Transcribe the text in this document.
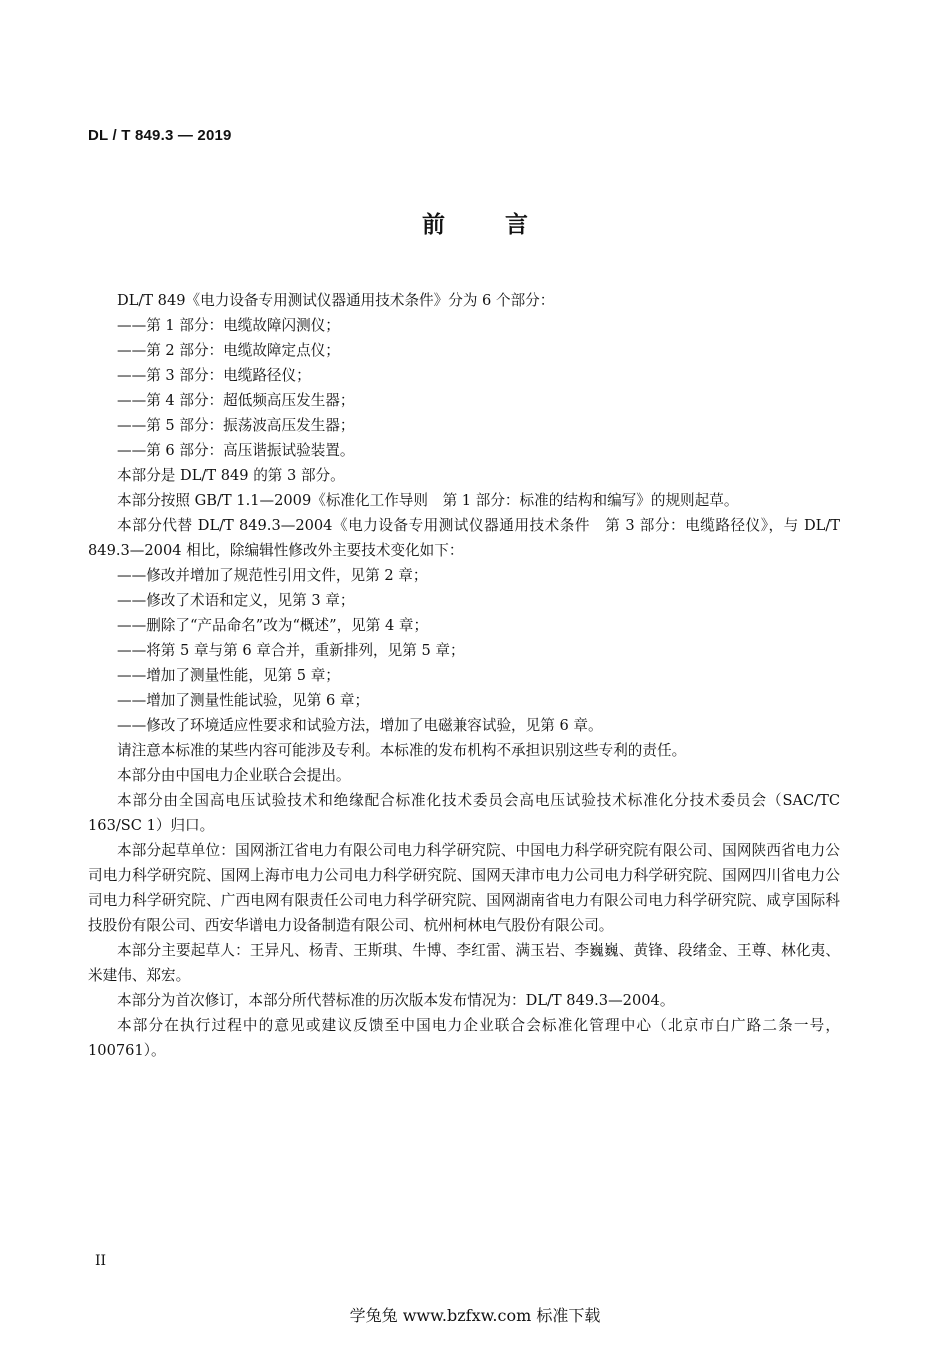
DL / T 849.3 — 2019
前 言

DL/T 849《电力设备专用测试仪器通用技术条件》分为 6 个部分：

——第 1 部分：电缆故障闪测仪；

——第 2 部分：电缆故障定点仪；

——第 3 部分：电缆路径仪；

——第 4 部分：超低频高压发生器；

——第 5 部分：振荡波高压发生器；

——第 6 部分：高压谐振试验装置。

本部分是 DL/T 849 的第 3 部分。

本部分按照 GB/T 1.1—2009《标准化工作导则　第 1 部分：标准的结构和编写》的规则起草。

本部分代替 DL/T 849.3—2004《电力设备专用测试仪器通用技术条件　第 3 部分：电缆路径仪》，与 DL/T 849.3—2004 相比，除编辑性修改外主要技术变化如下：

——修改并增加了规范性引用文件，见第 2 章；

——修改了术语和定义，见第 3 章；

——删除了“产品命名”改为“概述”，见第 4 章；

——将第 5 章与第 6 章合并，重新排列，见第 5 章；

——增加了测量性能，见第 5 章；

——增加了测量性能试验，见第 6 章；

——修改了环境适应性要求和试验方法，增加了电磁兼容试验，见第 6 章。

请注意本标准的某些内容可能涉及专利。本标准的发布机构不承担识别这些专利的责任。

本部分由中国电力企业联合会提出。

本部分由全国高电压试验技术和绝缘配合标准化技术委员会高电压试验技术标准化分技术委员会（SAC/TC 163/SC 1）归口。

本部分起草单位：国网浙江省电力有限公司电力科学研究院、中国电力科学研究院有限公司、国网陕西省电力公司电力科学研究院、国网上海市电力公司电力科学研究院、国网天津市电力公司电力科学研究院、国网四川省电力公司电力科学研究院、广西电网有限责任公司电力科学研究院、国网湖南省电力有限公司电力科学研究院、咸亨国际科技股份有限公司、西安华谱电力设备制造有限公司、杭州柯林电气股份有限公司。

本部分主要起草人：王异凡、杨青、王斯琪、牛博、李红雷、满玉岩、李巍巍、黄锋、段绪金、王尊、林化夷、米建伟、郑宏。

本部分为首次修订，本部分所代替标准的历次版本发布情况为：DL/T 849.3—2004。

本部分在执行过程中的意见或建议反馈至中国电力企业联合会标准化管理中心（北京市白广路二条一号，100761）。

II
学兔兔 www.bzfxw.com 标准下载
